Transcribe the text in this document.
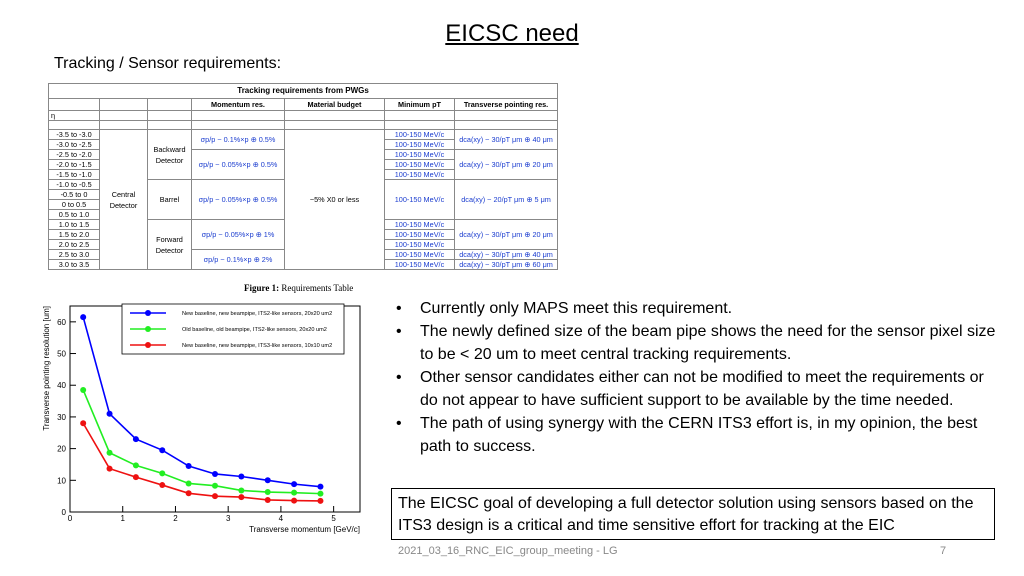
EICSC need
Tracking / Sensor requirements:
Tracking requirements from PWGs						
			Momentum res.	Material budget	Minimum pT	Transverse pointing res.
η						

-3.5 to -3.0	Central Detector	Backward Detector	σp/p ~ 0.1%×p ⊕ 0.5%	~5% X0 or less	100-150 MeV/c	dca(xy) ~ 30/pT μm ⊕ 40 μm
-3.0 to -2.5					100-150 MeV/c	
-2.5 to -2.0			σp/p ~ 0.05%×p ⊕ 0.5%		100-150 MeV/c	dca(xy) ~ 30/pT μm ⊕ 20 μm
-2.0 to -1.5					100-150 MeV/c	
-1.5 to -1.0					100-150 MeV/c	
-1.0 to -0.5		Barrel	σp/p ~ 0.05%×p ⊕ 0.5%		100-150 MeV/c	dca(xy) ~ 20/pT μm ⊕ 5 μm
-0.5 to 0						
0 to 0.5						
0.5 to 1.0						
1.0 to 1.5		Forward Detector	σp/p ~ 0.05%×p ⊕ 1%		100-150 MeV/c	dca(xy) ~ 30/pT μm ⊕ 20 μm
1.5 to 2.0					100-150 MeV/c	
2.0 to 2.5					100-150 MeV/c	
2.5 to 3.0			σp/p ~ 0.1%×p ⊕ 2%		100-150 MeV/c	dca(xy) ~ 30/pT μm ⊕ 40 μm
3.0 to 3.5					100-150 MeV/c	dca(xy) ~ 30/pT μm ⊕ 60 μm
Figure 1: Requirements Table
0	1	2	3	4	5
0
10
20
30
40
50
60
Transverse momentum [GeV/c]
Transverse pointing resolution [um]	New baseline, new beampipe, ITS2-like sensors, 20x20 um2
Old baseline, old beampipe, ITS2-like sensors, 20x20 um2
New baseline, new beampipe, ITS3-like sensors, 10x10 um2
• Currently only MAPS meet this requirement.
• The newly defined size of the beam pipe shows the need for the sensor pixel size to be < 20 um to meet central tracking requirements.
• Other sensor candidates either can not be modified to meet the requirements or do not appear to have sufficient support to be available by the time needed.
• The path of using synergy with the CERN ITS3 effort is, in my opinion, the best path to success.
The EICSC goal of developing a full detector solution using sensors based on the ITS3 design is a critical and time sensitive effort for tracking at the EIC
2021_03_16_RNC_EIC_group_meeting - LG	7
